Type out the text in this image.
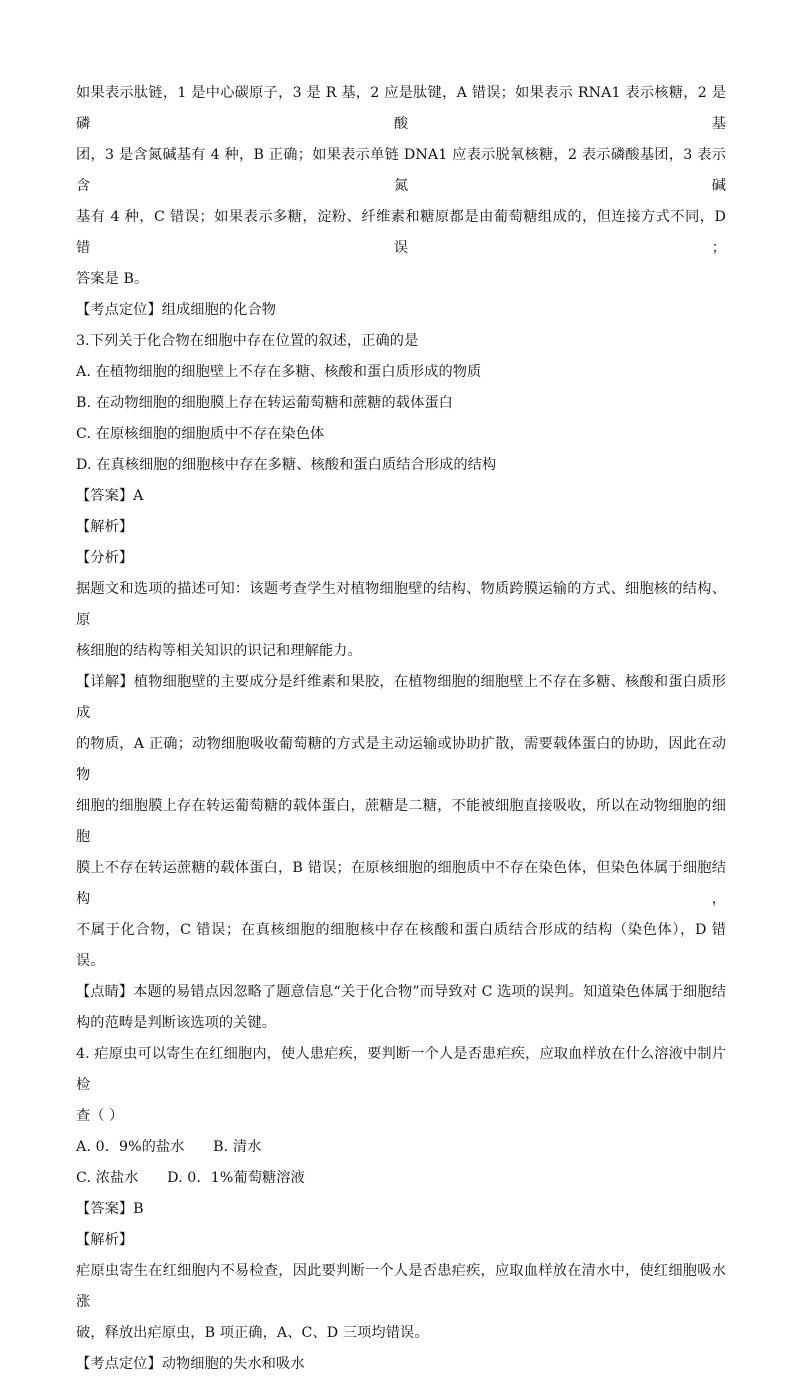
如果表示肽链，1 是中心碳原子，3 是 R 基，2 应是肽键，A 错误；如果表示 RNA1 表示核糖，2 是磷酸基

团，3 是含氮碱基有 4 种，B 正确；如果表示单链 DNA1 应表示脱氧核糖，2 表示磷酸基团，3 表示含氮碱

基有 4 种，C 错误；如果表示多糖，淀粉、纤维素和糖原都是由葡萄糖组成的，但连接方式不同，D 错误；

答案是 B。

【考点定位】组成细胞的化合物

3.下列关于化合物在细胞中存在位置的叙述，正确的是

A. 在植物细胞的细胞壁上不存在多糖、核酸和蛋白质形成的物质

B. 在动物细胞的细胞膜上存在转运葡萄糖和蔗糖的载体蛋白

C. 在原核细胞的细胞质中不存在染色体

D. 在真核细胞的细胞核中存在多糖、核酸和蛋白质结合形成的结构

【答案】A

【解析】

【分析】

据题文和选项的描述可知：该题考查学生对植物细胞壁的结构、物质跨膜运输的方式、细胞核的结构、原

核细胞的结构等相关知识的识记和理解能力。

【详解】植物细胞壁的主要成分是纤维素和果胶，在植物细胞的细胞壁上不存在多糖、核酸和蛋白质形成

的物质，A 正确；动物细胞吸收葡萄糖的方式是主动运输或协助扩散，需要载体蛋白的协助，因此在动物

细胞的细胞膜上存在转运葡萄糖的载体蛋白，蔗糖是二糖，不能被细胞直接吸收，所以在动物细胞的细胞

膜上不存在转运蔗糖的载体蛋白，B 错误；在原核细胞的细胞质中不存在染色体，但染色体属于细胞结构，

不属于化合物，C 错误；在真核细胞的细胞核中存在核酸和蛋白质结合形成的结构（染色体），D 错误。

【点睛】本题的易错点因忽略了题意信息“关于化合物”而导致对 C 选项的误判。知道染色体属于细胞结

构的范畴是判断该选项的关键。

4. 疟原虫可以寄生在红细胞内，使人患疟疾，要判断一个人是否患疟疾，应取血样放在什么溶液中制片检

查（ ）

A. 0．9%的盐水　　B. 清水

C. 浓盐水　　D. 0．1%葡萄糖溶液

【答案】B

【解析】

疟原虫寄生在红细胞内不易检查，因此要判断一个人是否患疟疾，应取血样放在清水中，使红细胞吸水涨

破，释放出疟原虫，B 项正确，A、C、D 三项均错误。

【考点定位】动物细胞的失水和吸水
